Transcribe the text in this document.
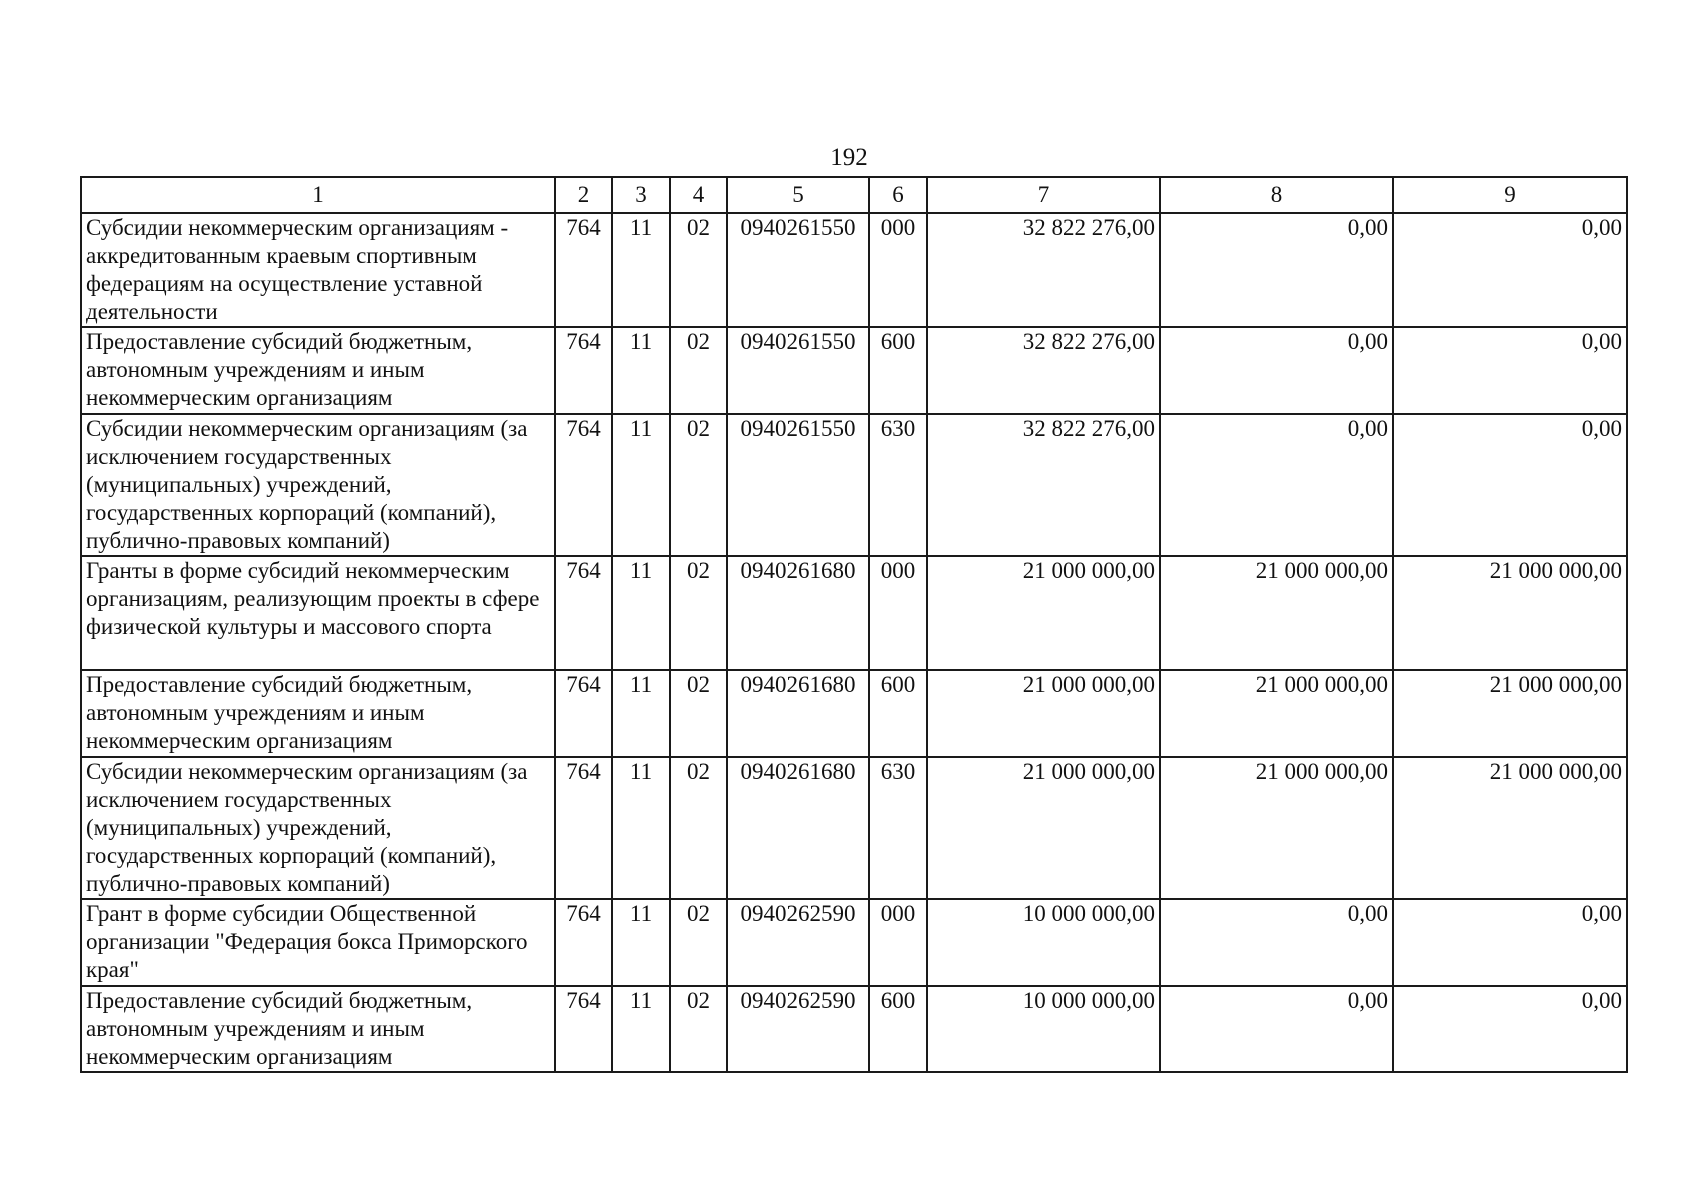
192
1	2	3	4	5	6	7	8	9
Субсидии некоммерческим организациям - аккредитованным краевым спортивным федерациям на осуществление уставной деятельности	764	11	02	0940261550	000	32 822 276,00	0,00	0,00
Предоставление субсидий бюджетным, автономным учреждениям и иным некоммерческим организациям	764	11	02	0940261550	600	32 822 276,00	0,00	0,00
Субсидии некоммерческим организациям (за исключением государственных (муниципальных) учреждений, государственных корпораций (компаний), публично-правовых компаний)	764	11	02	0940261550	630	32 822 276,00	0,00	0,00
Гранты в форме субсидий некоммерческим организациям, реализующим проекты в сфере физической культуры и массового спорта	764	11	02	0940261680	000	21 000 000,00	21 000 000,00	21 000 000,00
Предоставление субсидий бюджетным, автономным учреждениям и иным некоммерческим организациям	764	11	02	0940261680	600	21 000 000,00	21 000 000,00	21 000 000,00
Субсидии некоммерческим организациям (за исключением государственных (муниципальных) учреждений, государственных корпораций (компаний), публично-правовых компаний)	764	11	02	0940261680	630	21 000 000,00	21 000 000,00	21 000 000,00
Грант в форме субсидии Общественной организации "Федерация бокса Приморского края"	764	11	02	0940262590	000	10 000 000,00	0,00	0,00
Предоставление субсидий бюджетным, автономным учреждениям и иным некоммерческим организациям	764	11	02	0940262590	600	10 000 000,00	0,00	0,00
